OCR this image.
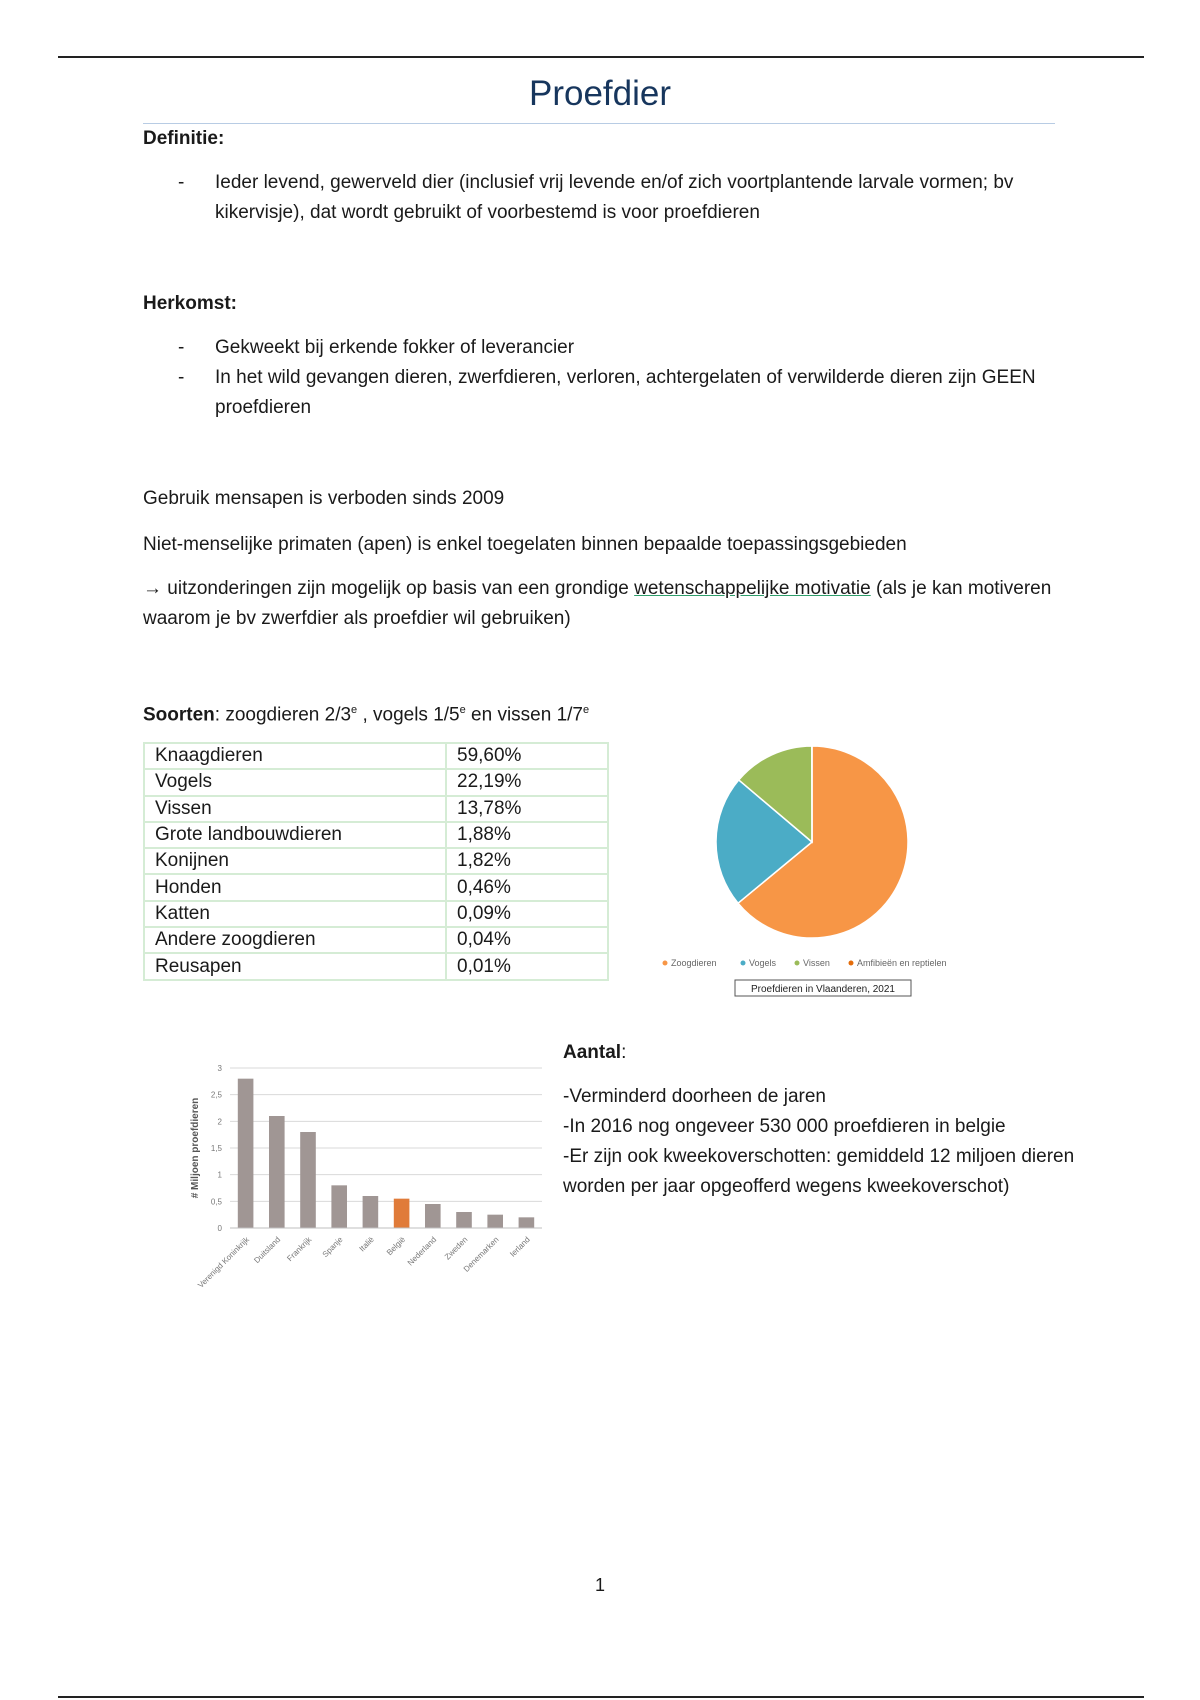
Proefdier
Definitie:
- Ieder levend, gewerveld dier (inclusief vrij levende en/of zich voortplantende larvale vormen; bv kikervisje), dat wordt gebruikt of voorbestemd is voor proefdieren
Herkomst:
- Gekweekt bij erkende fokker of leverancier
- In het wild gevangen dieren, zwerfdieren, verloren, achtergelaten of verwilderde dieren zijn GEEN proefdieren
Gebruik mensapen is verboden sinds 2009
Niet-menselijke primaten (apen) is enkel toegelaten binnen bepaalde toepassingsgebieden
→ uitzonderingen zijn mogelijk op basis van een grondige wetenschappelijke motivatie (als je kan motiveren waarom je bv zwerfdier als proefdier wil gebruiken)
Soorten: zoogdieren 2/3e , vogels 1/5e en vissen 1/7e
Knaagdieren	59,60%
Vogels	22,19%
Vissen	13,78%
Grote landbouwdieren	1,88%
Konijnen	1,82%
Honden	0,46%
Katten	0,09%
Andere zoogdieren	0,04%
Reusapen	0,01%	Zoogdieren	Vogels	Vissen	Amfibieën en reptielen
Proefdieren in Vlaanderen, 2021
0
0,5
1
1,5
2
2,5
3
# Miljoen proefdieren
Verenigd Koninkrijk Duitsland Frankrijk Spanje Italië België
Nederland Zweden
Denemarken Ierland
Aantal:
-Verminderd doorheen de jaren
-In 2016 nog ongeveer 530 000 proefdieren in belgie
-Er zijn ook kweekoverschotten: gemiddeld 12 miljoen dieren worden per jaar opgeofferd wegens kweekoverschot)
1
